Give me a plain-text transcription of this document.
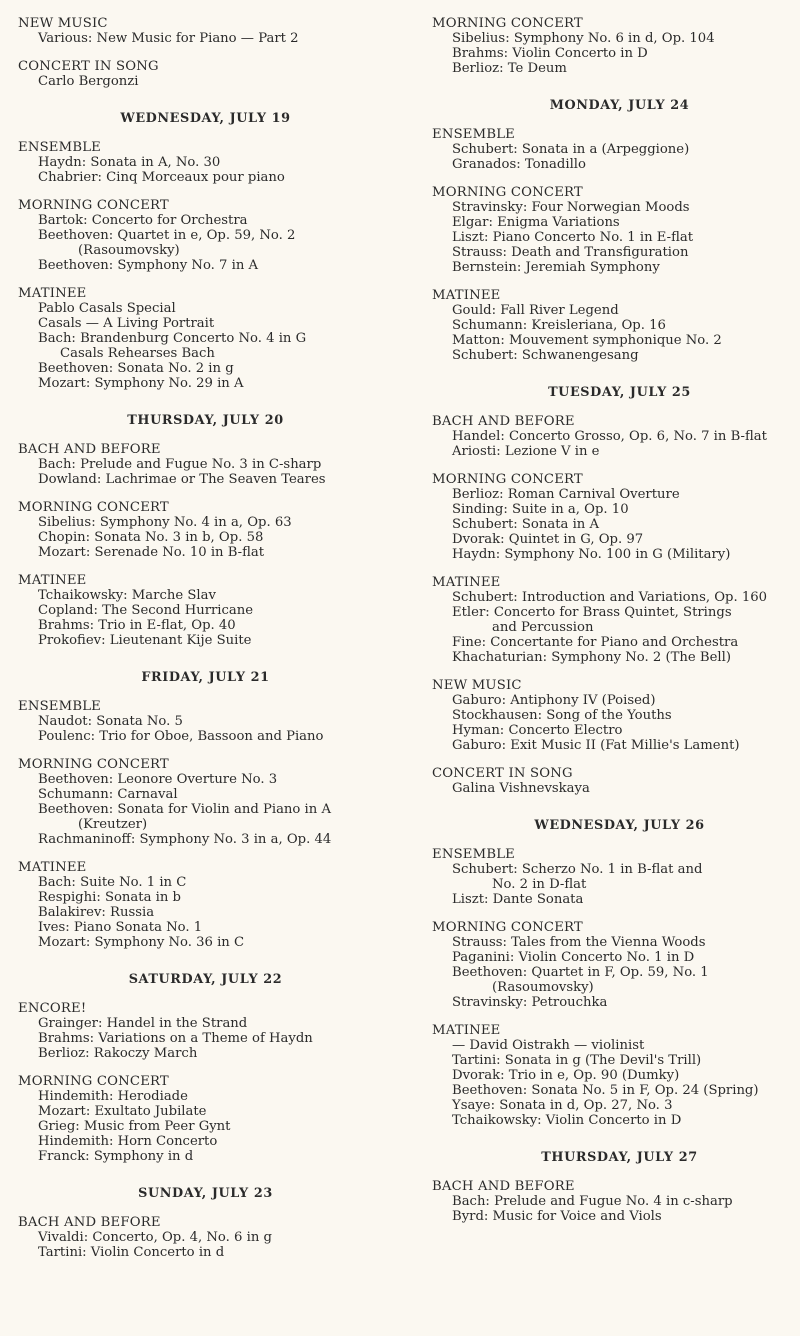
NEW MUSIC
Various: New Music for Piano — Part 2
CONCERT IN SONG
Carlo Bergonzi
WEDNESDAY, JULY 19
ENSEMBLE
Haydn: Sonata in A, No. 30
Chabrier: Cinq Morceaux pour piano
MORNING CONCERT
Bartok: Concerto for Orchestra
Beethoven: Quartet in e, Op. 59, No. 2
(Rasoumovsky)
Beethoven: Symphony No. 7 in A
MATINEE
Pablo Casals Special
Casals — A Living Portrait
Bach: Brandenburg Concerto No. 4 in G
Casals Rehearses Bach
Beethoven: Sonata No. 2 in g
Mozart: Symphony No. 29 in A
THURSDAY, JULY 20
BACH AND BEFORE
Bach: Prelude and Fugue No. 3 in C-sharp
Dowland: Lachrimae or The Seaven Teares
MORNING CONCERT
Sibelius: Symphony No. 4 in a, Op. 63
Chopin: Sonata No. 3 in b, Op. 58
Mozart: Serenade No. 10 in B-flat
MATINEE
Tchaikowsky: Marche Slav
Copland: The Second Hurricane
Brahms: Trio in E-flat, Op. 40
Prokofiev: Lieutenant Kije Suite
FRIDAY, JULY 21
ENSEMBLE
Naudot: Sonata No. 5
Poulenc: Trio for Oboe, Bassoon and Piano
MORNING CONCERT
Beethoven: Leonore Overture No. 3
Schumann: Carnaval
Beethoven: Sonata for Violin and Piano in A
(Kreutzer)
Rachmaninoff: Symphony No. 3 in a, Op. 44
MATINEE
Bach: Suite No. 1 in C
Respighi: Sonata in b
Balakirev: Russia
Ives: Piano Sonata No. 1
Mozart: Symphony No. 36 in C
SATURDAY, JULY 22
ENCORE!
Grainger: Handel in the Strand
Brahms: Variations on a Theme of Haydn
Berlioz: Rakoczy March
MORNING CONCERT
Hindemith: Herodiade
Mozart: Exultato Jubilate
Grieg: Music from Peer Gynt
Hindemith: Horn Concerto
Franck: Symphony in d
SUNDAY, JULY 23
BACH AND BEFORE
Vivaldi: Concerto, Op. 4, No. 6 in g
Tartini: Violin Concerto in d
MORNING CONCERT
Sibelius: Symphony No. 6 in d, Op. 104
Brahms: Violin Concerto in D
Berlioz: Te Deum
MONDAY, JULY 24
ENSEMBLE
Schubert: Sonata in a (Arpeggione)
Granados: Tonadillo
MORNING CONCERT
Stravinsky: Four Norwegian Moods
Elgar: Enigma Variations
Liszt: Piano Concerto No. 1 in E-flat
Strauss: Death and Transfiguration
Bernstein: Jeremiah Symphony
MATINEE
Gould: Fall River Legend
Schumann: Kreisleriana, Op. 16
Matton: Mouvement symphonique No. 2
Schubert: Schwanengesang
TUESDAY, JULY 25
BACH AND BEFORE
Handel: Concerto Grosso, Op. 6, No. 7 in B-flat
Ariosti: Lezione V in e
MORNING CONCERT
Berlioz: Roman Carnival Overture
Sinding: Suite in a, Op. 10
Schubert: Sonata in A
Dvorak: Quintet in G, Op. 97
Haydn: Symphony No. 100 in G (Military)
MATINEE
Schubert: Introduction and Variations, Op. 160
Etler: Concerto for Brass Quintet, Strings
and Percussion
Fine: Concertante for Piano and Orchestra
Khachaturian: Symphony No. 2 (The Bell)
NEW MUSIC
Gaburo: Antiphony IV (Poised)
Stockhausen: Song of the Youths
Hyman: Concerto Electro
Gaburo: Exit Music II (Fat Millie's Lament)
CONCERT IN SONG
Galina Vishnevskaya
WEDNESDAY, JULY 26
ENSEMBLE
Schubert: Scherzo No. 1 in B-flat and
No. 2 in D-flat
Liszt: Dante Sonata
MORNING CONCERT
Strauss: Tales from the Vienna Woods
Paganini: Violin Concerto No. 1 in D
Beethoven: Quartet in F, Op. 59, No. 1
(Rasoumovsky)
Stravinsky: Petrouchka
MATINEE
— David Oistrakh — violinist
Tartini: Sonata in g (The Devil's Trill)
Dvorak: Trio in e, Op. 90 (Dumky)
Beethoven: Sonata No. 5 in F, Op. 24 (Spring)
Ysaye: Sonata in d, Op. 27, No. 3
Tchaikowsky: Violin Concerto in D
THURSDAY, JULY 27
BACH AND BEFORE
Bach: Prelude and Fugue No. 4 in c-sharp
Byrd: Music for Voice and Viols
